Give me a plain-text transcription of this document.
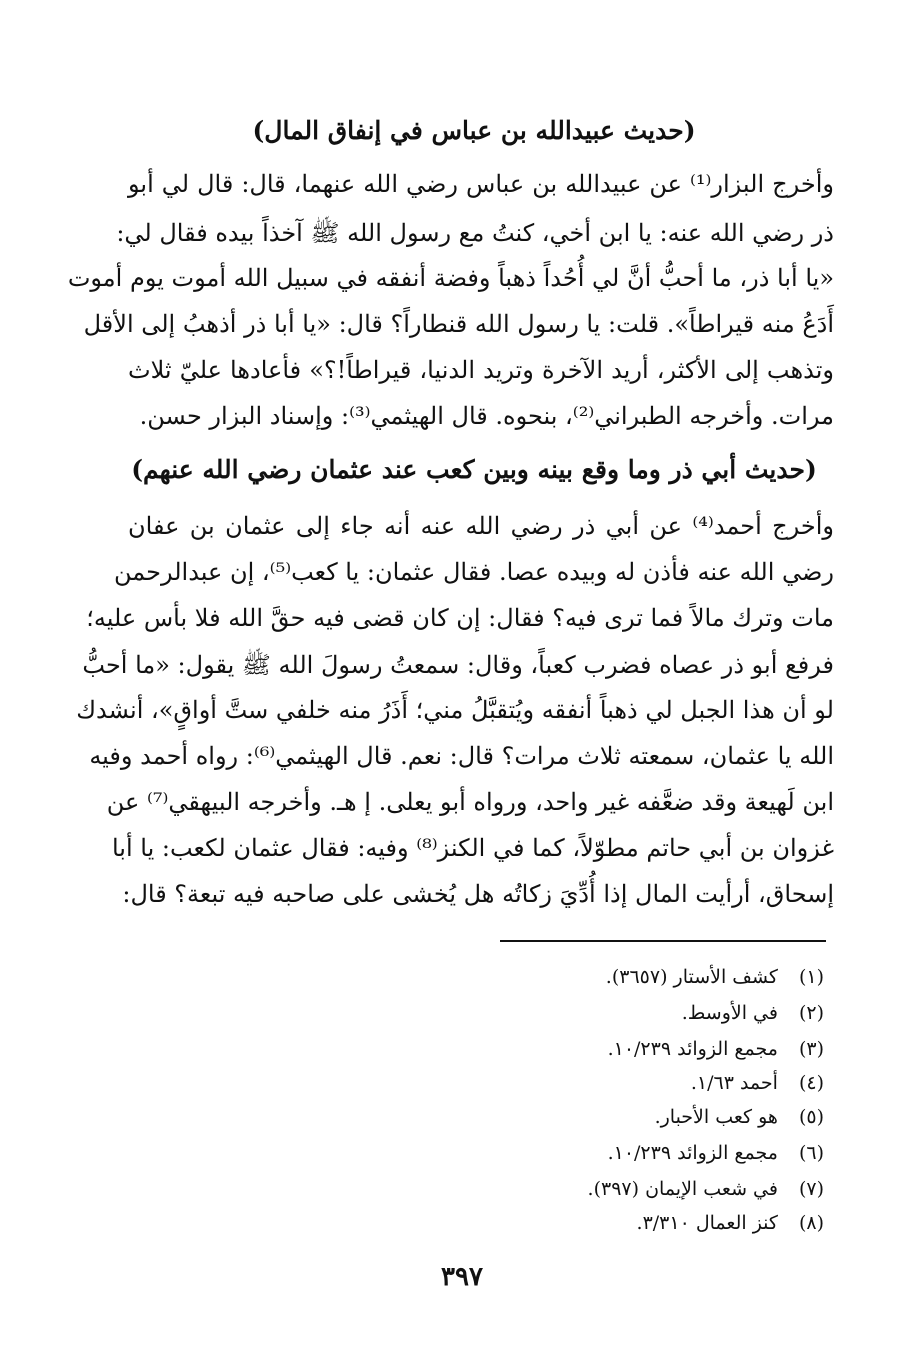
(حديث عبيدالله بن عباس في إنفاق المال)
وأخرج البزار⁽¹⁾ عن عبيدالله بن عباس رضي الله عنهما، قال: قال لي أبو
ذر رضي الله عنه: يا ابن أخي، كنتُ مع رسول الله ﷺ آخذاً بيده فقال لي:
«يا أبا ذر، ما أحبُّ أنَّ لي أُحُداً ذهباً وفضة أنفقه في سبيل الله أموت يوم أموت
أَدَعُ منه قيراطاً». قلت: يا رسول الله قنطاراً؟ قال: «يا أبا ذر أذهبُ إلى الأقل
وتذهب إلى الأكثر، أريد الآخرة وتريد الدنيا، قيراطاً!؟» فأعادها عليّ ثلاث
مرات. وأخرجه الطبراني⁽²⁾، بنحوه. قال الهيثمي⁽³⁾: وإسناد البزار حسن.
(حديث أبي ذر وما وقع بينه وبين كعب عند عثمان رضي الله عنهم)
وأخرج أحمد⁽⁴⁾ عن أبي ذر رضي الله عنه أنه جاء إلى عثمان بن عفان
رضي الله عنه فأذن له وبيده عصا. فقال عثمان: يا كعب⁽⁵⁾، إن عبدالرحمن
مات وترك مالاً فما ترى فيه؟ فقال: إن كان قضى فيه حقَّ الله فلا بأس عليه؛
فرفع أبو ذر عصاه فضرب كعباً، وقال: سمعتُ رسولَ الله ﷺ يقول: «ما أحبُّ
لو أن هذا الجبل لي ذهباً أنفقه ويُتقبَّلُ مني؛ أَذَرُ منه خلفي ستَّ أواقٍ»، أنشدك
الله يا عثمان، سمعته ثلاث مرات؟ قال: نعم. قال الهيثمي⁽⁶⁾: رواه أحمد وفيه
ابن لَهيعة وقد ضعَّفه غير واحد، ورواه أبو يعلى. إ هـ. وأخرجه البيهقي⁽⁷⁾ عن
غزوان بن أبي حاتم مطوّلاً، كما في الكنز⁽⁸⁾ وفيه: فقال عثمان لكعب: يا أبا
إسحاق، أرأيت المال إذا أُدِّيَ زكاتُه هل يُخشى على صاحبه فيه تبعة؟ قال:
(١) كشف الأستار (٣٦٥٧).
(٢) في الأوسط.
(٣) مجمع الزوائد ١٠/٢٣٩.
(٤) أحمد ١/٦٣.
(٥) هو كعب الأحبار.
(٦) مجمع الزوائد ١٠/٢٣٩.
(٧) في شعب الإيمان (٣٩٧).
(٨) كنز العمال ٣/٣١٠.
٣٩٧
